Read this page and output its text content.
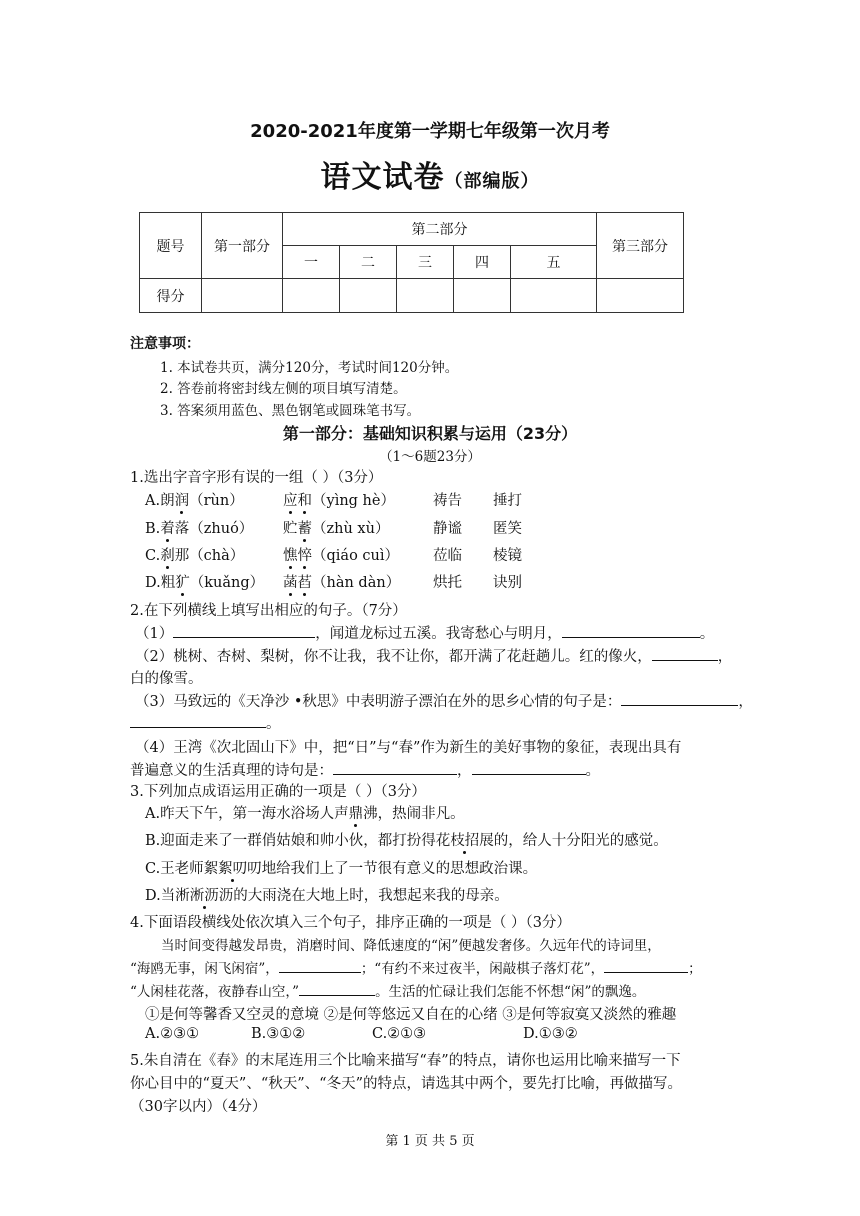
2020-2021年度第一学期七年级第一次月考
语文试卷（部编版）
题号	第一部分	第二部分					第三部分
		一	二	三	四	五	
得分							
注意事项：
1. 本试卷共页，满分120分，考试时间120分钟。
2. 答卷前将密封线左侧的项目填写清楚。
3. 答案须用蓝色、黑色钢笔或圆珠笔书写。
第一部分：基础知识积累与运用（23分）
（1～6题23分）
1.选出字音字形有误的一组（ ）（3分）
A.朗润（rùn）	应和（yìng hè）	祷告 捶打
B.着落（zhuó） 贮蓄（zhù xù）	静谧 匿笑
C.刹那（chà）	憔悴（qiáo cuì） 莅临 棱镜
D.粗犷（kuǎng） 菡萏（hàn dàn） 烘托 诀别
2.在下列横线上填写出相应的句子。（7分）
（1）	，闻道龙标过五溪。我寄愁心与明月，	。
（2）桃树、杏树、梨树，你不让我，我不让你，都开满了花赶趟儿。红的像火，	，
白的像雪。
（3）马致远的《天净沙 •秋思》中表明游子漂泊在外的思乡心情的句子是：	，
。
（4）王湾《次北固山下》中，把“日”与“春”作为新生的美好事物的象征，表现出具有
普遍意义的生活真理的诗句是：	，	。
3.下列加点成语运用正确的一项是（ ）（3分）
A.昨天下午，第一海水浴场人声鼎沸，热闹非凡。
B.迎面走来了一群俏姑娘和帅小伙，都打扮得花枝招展的，给人十分阳光的感觉。
C.王老师絮絮叨叨地给我们上了一节很有意义的思想政治课。
D.当淅淅沥沥的大雨浇在大地上时，我想起来我的母亲。
4.下面语段横线处依次填入三个句子，排序正确的一项是（ ）（3分）
当时间变得越发昂贵，消磨时间、降低速度的“闲”便越发奢侈。久远年代的诗词里，
“海鸥无事，闲飞闲宿”，	；“有约不来过夜半，闲敲棋子落灯花”，	；
“人闲桂花落，夜静春山空，”	。生活的忙碌让我们怎能不怀想“闲”的飘逸。
①是何等馨香又空灵的意境 ②是何等悠远又自在的心绪 ③是何等寂寞又淡然的雅趣
A.②③①	B.③①②	C.②①③	D.①③②
5.朱自清在《春》的末尾连用三个比喻来描写“春”的特点，请你也运用比喻来描写一下
你心目中的“夏天”、“秋天”、“冬天”的特点，请选其中两个，要先打比喻，再做描写。
（30字以内）（4分）
第 1 页 共 5 页
